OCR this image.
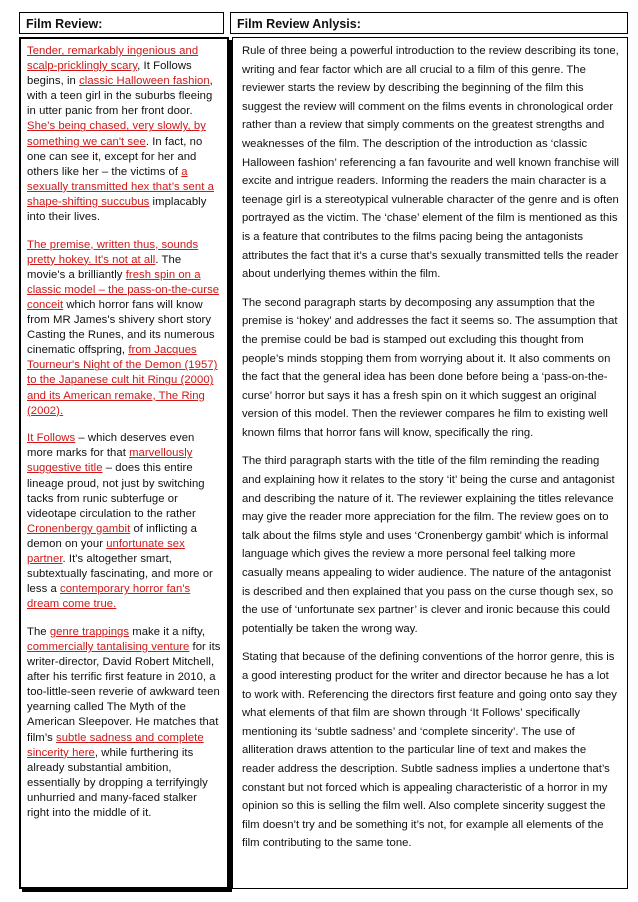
Film Review:	Film Review Anlysis:

Tender, remarkably ingenious and scalp-pricklingly scary, It Follows begins, in classic Halloween fashion, with a teen girl in the suburbs fleeing in utter panic from her front door. She's being chased, very slowly, by something we can't see. In fact, no one can see it, except for her and others like her – the victims of a sexually transmitted hex that’s sent a shape-shifting succubus implacably into their lives.

The premise, written thus, sounds pretty hokey. It's not at all. The movie's a brilliantly fresh spin on a classic model – the pass-on-the-curse conceit which horror fans will know from MR James's shivery short story Casting the Runes, and its numerous cinematic offspring, from Jacques Tourneur's Night of the Demon (1957) to the Japanese cult hit Ringu (2000) and its American remake, The Ring (2002).

It Follows – which deserves even more marks for that marvellously suggestive title – does this entire lineage proud, not just by switching tacks from runic subterfuge or videotape circulation to the rather Cronenbergy gambit of inflicting a demon on your unfortunate sex partner. It's altogether smart, subtextually fascinating, and more or less a contemporary horror fan's dream come true.

The genre trappings make it a nifty, commercially tantalising venture for its writer-director, David Robert Mitchell, after his terrific first feature in 2010, a too-little-seen reverie of awkward teen yearning called The Myth of the American Sleepover. He matches that film’s subtle sadness and complete sincerity here, while furthering its already substantial ambition, essentially by dropping a terrifyingly unhurried and many-faced stalker right into the middle of it.

Rule of three being a powerful introduction to the review describing its tone, writing and fear factor which are all crucial to a film of this genre. The reviewer starts the review by describing the beginning of the film this suggest the review will comment on the films events in chronological order rather than a review that simply comments on the greatest strengths and weaknesses of the film. The description of the introduction as ‘classic Halloween fashion’ referencing a fan favourite and well known franchise will excite and intrigue readers. Informing the readers the main character is a teenage girl is a stereotypical vulnerable character of the genre and is often portrayed as the victim. The ‘chase’ element of the film is mentioned as this is a feature that contributes to the films pacing being the antagonists attributes the fact that it’s a curse that’s sexually transmitted tells the reader about underlying themes within the film.

The second paragraph starts by decomposing any assumption that the premise is ‘hokey’ and addresses the fact it seems so. The assumption that the premise could be bad is stamped out excluding this thought from people’s minds stopping them from worrying about it. It also comments on the fact that the general idea has been done before being a ‘pass-on-the-curse’ horror but says it has a fresh spin on it which suggest an original version of this model. Then the reviewer compares he film to existing well known films that horror fans will know, specifically the ring.

The third paragraph starts with the title of the film reminding the reading and explaining how it relates to the story ‘it’ being the curse and antagonist and describing the nature of it. The reviewer explaining the titles relevance may give the reader more appreciation for the film. The review goes on to talk about the films style and uses ‘Cronenbergy gambit’ which is informal language which gives the review a more personal feel talking more casually means appealing to wider audience. The nature of the antagonist is described and then explained that you pass on the curse though sex, so the use of ‘unfortunate sex partner’ is clever and ironic because this could potentially be taken the wrong way.

Stating that because of the defining conventions of the horror genre, this is a good interesting product for the writer and director because he has a lot to work with. Referencing the directors first feature and going onto say they what elements of that film are shown through ‘It Follows’ specifically mentioning its ‘subtle sadness’ and ‘complete sincerity’. The use of alliteration draws attention to the particular line of text and makes the reader address the description. Subtle sadness implies a undertone that’s constant but not forced which is appealing characteristic of a horror in my opinion so this is selling the film well. Also complete sincerity suggest the film doesn’t try and be something it’s not, for example all elements of the film contributing to the same tone.
